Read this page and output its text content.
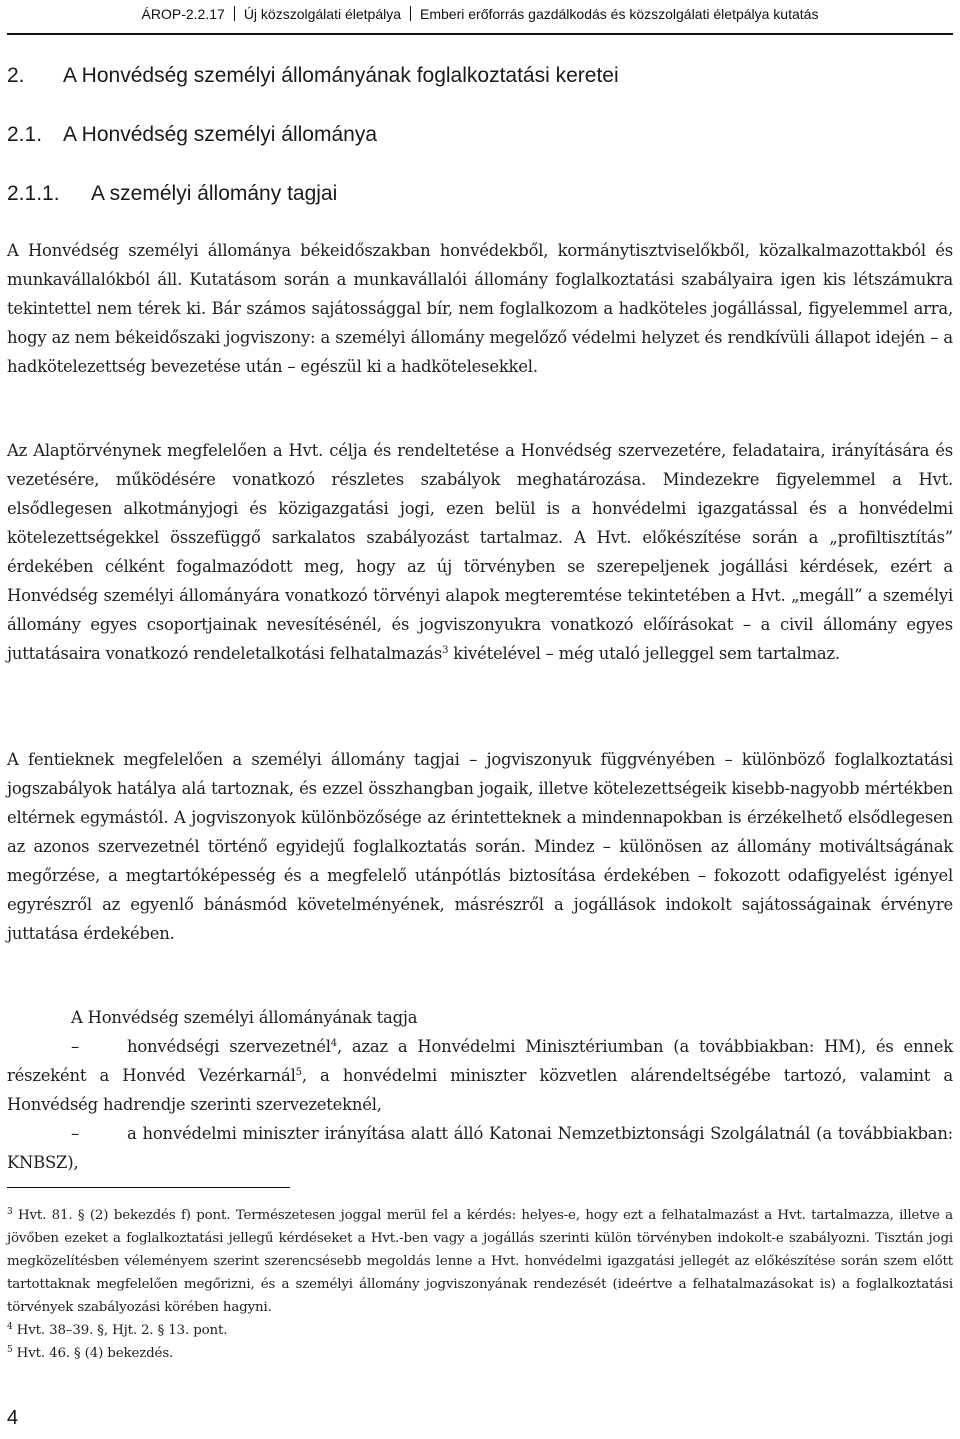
ÁROP-2.2.17 Új közszolgálati életpálya Emberi erőforrás gazdálkodás és közszolgálati életpálya kutatás
2. A Honvédség személyi állományának foglalkoztatási keretei
2.1. A Honvédség személyi állománya
2.1.1. A személyi állomány tagjai

A Honvédség személyi állománya békeidőszakban honvédekből, kormánytisztviselőkből, közalkalmazottakból és munkavállalókból áll. Kutatásom során a munkavállalói állomány foglalkoztatási szabályaira igen kis létszámukra tekintettel nem térek ki. Bár számos sajátossággal bír, nem foglalkozom a hadköteles jogállással, figyelemmel arra, hogy az nem békeidőszaki jogviszony: a személyi állomány megelőző védelmi helyzet és rendkívüli állapot idején – a hadkötelezettség bevezetése után – egészül ki a hadkötelesekkel.

Az Alaptörvénynek megfelelően a Hvt. célja és rendeltetése a Honvédség szervezetére, feladataira, irányítására és vezetésére, működésére vonatkozó részletes szabályok meghatározása. Mindezekre figyelemmel a Hvt. elsődlegesen alkotmányjogi és közigazgatási jogi, ezen belül is a honvédelmi igazgatással és a honvédelmi kötelezettségekkel összefüggő sarkalatos szabályozást tartalmaz. A Hvt. előkészítése során a „profiltisztítás” érdekében célként fogalmazódott meg, hogy az új törvényben se szerepeljenek jogállási kérdések, ezért a Honvédség személyi állományára vonatkozó törvényi alapok megteremtése tekintetében a Hvt. „megáll” a személyi állomány egyes csoportjainak nevesítésénél, és jogviszonyukra vonatkozó előírásokat – a civil állomány egyes juttatásaira vonatkozó rendeletalkotási felhatalmazás$^3$ kivételével – még utaló jelleggel sem tartalmaz.

A fentieknek megfelelően a személyi állomány tagjai – jogviszonyuk függvényében – különböző foglalkoztatási jogszabályok hatálya alá tartoznak, és ezzel összhangban jogaik, illetve kötelezettségeik kisebb-nagyobb mértékben eltérnek egymástól. A jogviszonyok különbözősége az érintetteknek a mindennapokban is érzékelhető elsődlegesen az azonos szervezetnél történő egyidejű foglalkoztatás során. Mindez – különösen az állomány motiváltságának megőrzése, a megtartóképesség és a megfelelő utánpótlás biztosítása érdekében – fokozott odafigyelést igényel egyrészről az egyenlő bánásmód követelményének, másrészről a jogállások indokolt sajátosságainak érvényre juttatása érdekében.

A Honvédség személyi állományának tagja
–	honvédségi szervezetnél$^4$, azaz a Honvédelmi Minisztériumban (a továbbiakban: HM), és ennek részeként a Honvéd Vezérkarnál$^5$, a honvédelmi miniszter közvetlen alárendeltségébe tartozó, valamint a Honvédség hadrendje szerinti szervezeteknél,
–	a honvédelmi miniszter irányítása alatt álló Katonai Nemzetbiztonsági Szolgálatnál (a továbbiakban: KNBSZ),

$^3$ Hvt. 81. § (2) bekezdés f) pont. Természetesen joggal merül fel a kérdés: helyes-e, hogy ezt a felhatalmazást a Hvt. tartalmazza, illetve a jövőben ezeket a foglalkoztatási jellegű kérdéseket a Hvt.-ben vagy a jogállás szerinti külön törvényben indokolt-e szabályozni. Tisztán jogi megközelítésben véleményem szerint szerencsésebb megoldás lenne a Hvt. honvédelmi igazgatási jellegét az előkészítése során szem előtt tartottaknak megfelelően megőrizni, és a személyi állomány jogviszonyának rendezését (ideértve a felhatalmazásokat is) a foglalkoztatási törvények szabályozási körében hagyni.

$^4$ Hvt. 38–39. §, Hjt. 2. § 13. pont.

$^5$ Hvt. 46. § (4) bekezdés.

4
